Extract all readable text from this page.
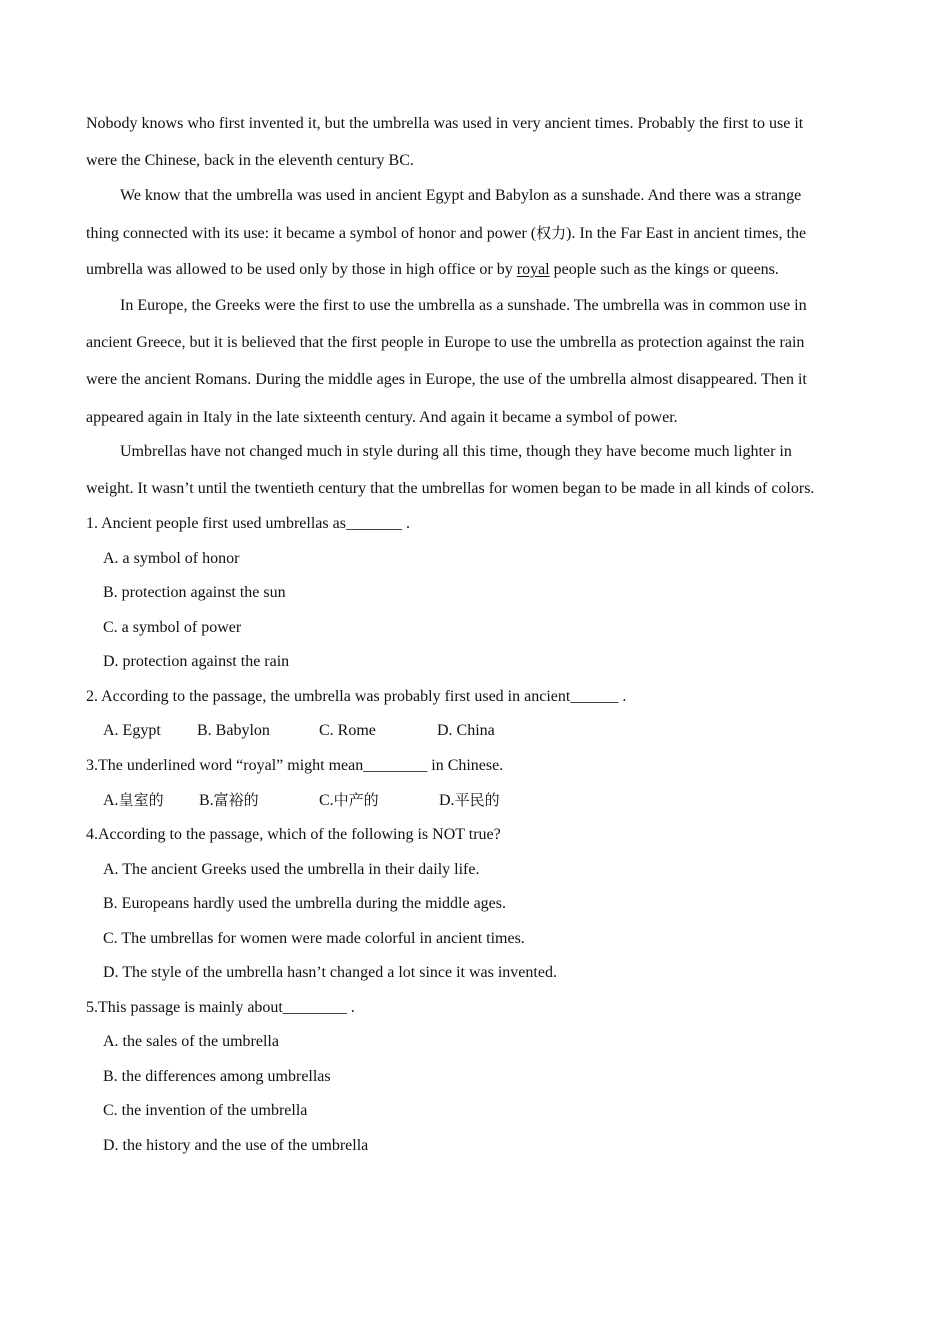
Nobody knows who first invented it, but the umbrella was used in very ancient times. Probably the first to use it
were the Chinese, back in the eleventh century BC.
We know that the umbrella was used in ancient Egypt and Babylon as a sunshade. And there was a strange
thing connected with its use: it became a symbol of honor and power (权力). In the Far East in ancient times, the
umbrella was allowed to be used only by those in high office or by royal people such as the kings or queens.
In Europe, the Greeks were the first to use the umbrella as a sunshade. The umbrella was in common use in
ancient Greece, but it is believed that the first people in Europe to use the umbrella as protection against the rain
were the ancient Romans. During the middle ages in Europe, the use of the umbrella almost disappeared. Then it
appeared again in Italy in the late sixteenth century. And again it became a symbol of power.
Umbrellas have not changed much in style during all this time, though they have become much lighter in
weight. It wasn’t until the twentieth century that the umbrellas for women began to be made in all kinds of colors.
1. Ancient people first used umbrellas as_______ .
A. a symbol of honor
B. protection against the sun
C. a symbol of power
D. protection against the rain
2. According to the passage, the umbrella was probably first used in ancient______ .
A. Egypt B. Babylon	C. Rome	D. China
3.The underlined word “royal” might mean________ in Chinese.
A.皇室的 B.富裕的	C.中产的	D.平民的
4.According to the passage, which of the following is NOT true?
A. The ancient Greeks used the umbrella in their daily life.
B. Europeans hardly used the umbrella during the middle ages.
C. The umbrellas for women were made colorful in ancient times.
D. The style of the umbrella hasn’t changed a lot since it was invented.
5.This passage is mainly about________ .
A. the sales of the umbrella
B. the differences among umbrellas
C. the invention of the umbrella
D. the history and the use of the umbrella
